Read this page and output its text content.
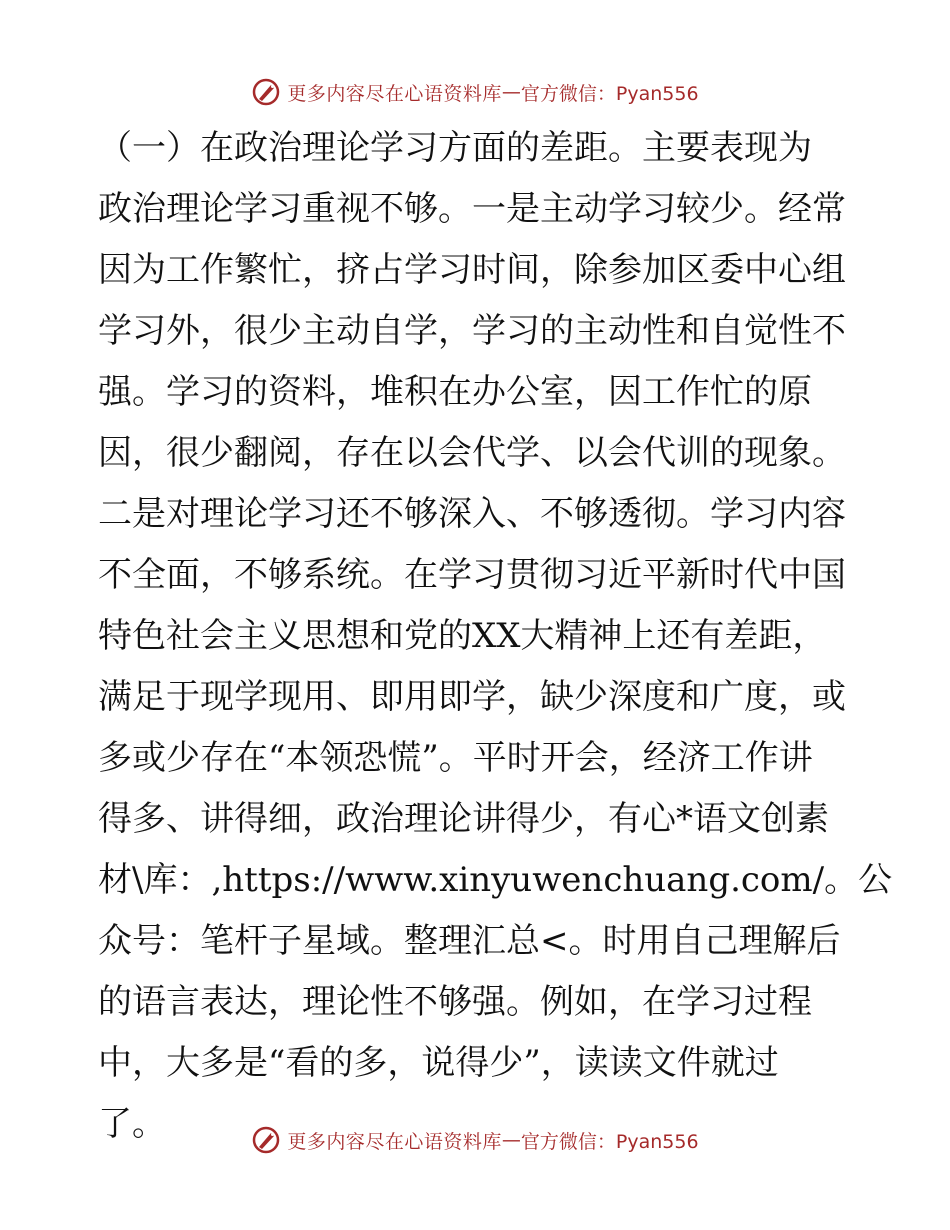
更多内容尽在心语资料库 — 官方微信：Pyan556
（一）在政治理论学习方面的差距。主要表现为
政治理论学习重视不够。一是主动学习较少。经常
因为工作繁忙，挤占学习时间，除参加区委中心组
学习外，很少主动自学，学习的主动性和自觉性不
强。学习的资料，堆积在办公室，因工作忙的原
因，很少翻阅，存在以会代学、以会代训的现象。
二是对理论学习还不够深入、不够透彻。学习内容
不全面，不够系统。在学习贯彻习近平新时代中国
特色社会主义思想和党的XX大精神上还有差距，
满足于现学现用、即用即学，缺少深度和广度，或
多或少存在“本领恐慌”。平时开会，经济工作讲
得多、讲得细，政治理论讲得少，有心*语文创素
材\库：,https://www.xinyuwenchuang.com/。公
众号：笔杆子星域。整理汇总<。时用自己理解后
的语言表达，理论性不够强。例如，在学习过程
中，大多是“看的多，说得少”，读读文件就过
了。	更多内容尽在心语资料库 — 官方微信：Pyan556
